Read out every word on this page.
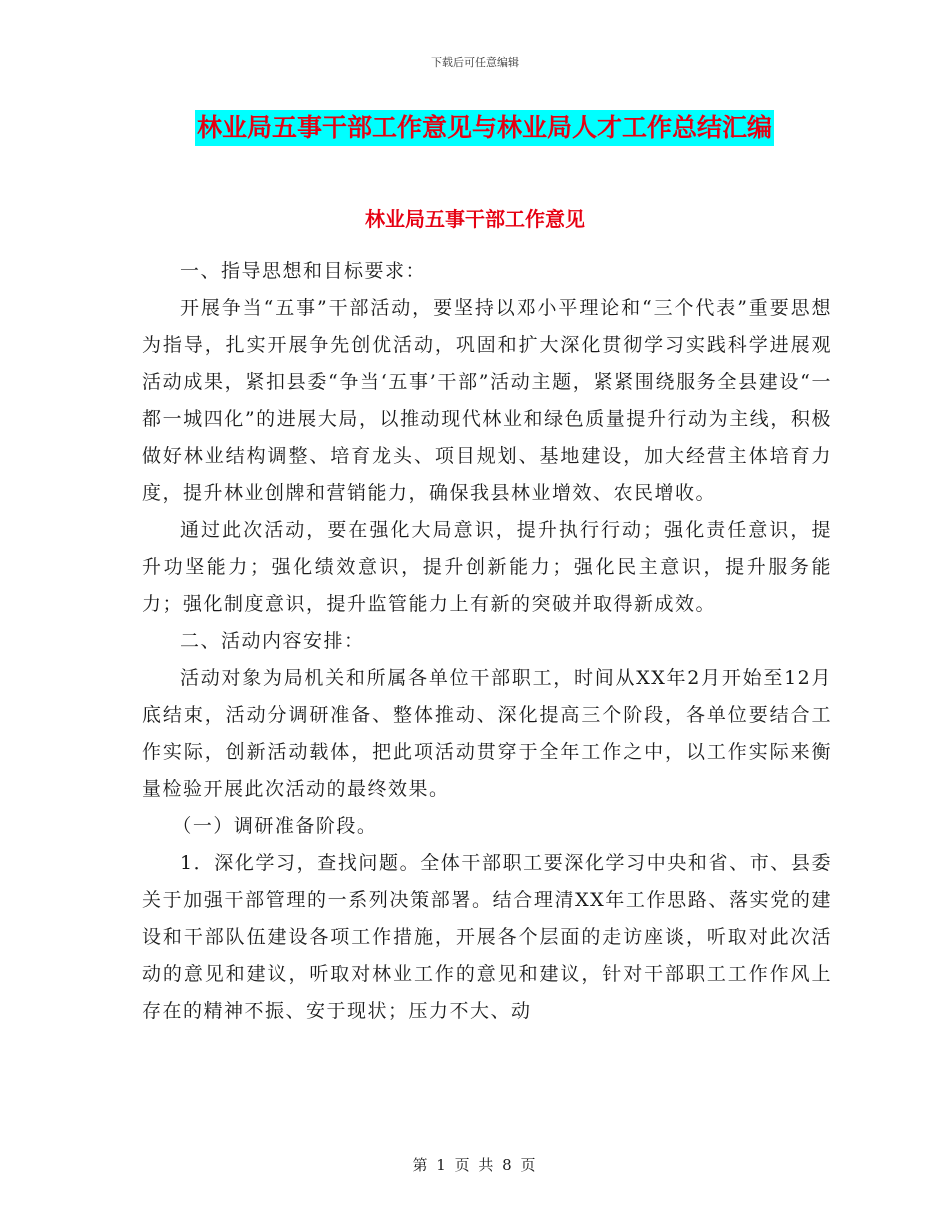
下载后可任意编辑
林业局五事干部工作意见与林业局人才工作总结汇编
林业局五事干部工作意见

一、指导思想和目标要求：

开展争当“五事”干部活动，要坚持以邓小平理论和“三个代表”重要思想为指导，扎实开展争先创优活动，巩固和扩大深化贯彻学习实践科学进展观活动成果，紧扣县委“争当‘五事’干部”活动主题，紧紧围绕服务全县建设“一都一城四化”的进展大局，以推动现代林业和绿色质量提升行动为主线，积极做好林业结构调整、培育龙头、项目规划、基地建设，加大经营主体培育力度，提升林业创牌和营销能力，确保我县林业增效、农民增收。

通过此次活动，要在强化大局意识，提升执行行动；强化责任意识，提升功坚能力；强化绩效意识，提升创新能力；强化民主意识，提升服务能力；强化制度意识，提升监管能力上有新的突破并取得新成效。

二、活动内容安排：

活动对象为局机关和所属各单位干部职工，时间从XX年2月开始至12月底结束，活动分调研准备、整体推动、深化提高三个阶段，各单位要结合工作实际，创新活动载体，把此项活动贯穿于全年工作之中，以工作实际来衡量检验开展此次活动的最终效果。

（一）调研准备阶段。

1．深化学习，查找问题。全体干部职工要深化学习中央和省、市、县委关于加强干部管理的一系列决策部署。结合理清XX年工作思路、落实党的建设和干部队伍建设各项工作措施，开展各个层面的走访座谈，听取对此次活动的意见和建议，听取对林业工作的意见和建议，针对干部职工工作作风上存在的精神不振、安于现状；压力不大、动

第 1 页 共 8 页
